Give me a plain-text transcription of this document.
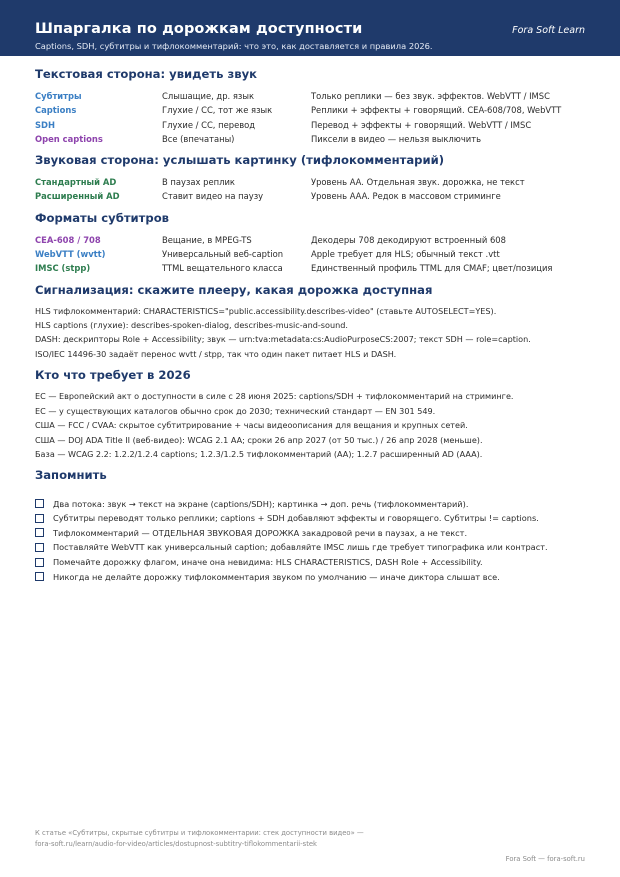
Шпаргалка по дорожкам доступности
Captions, SDH, субтитры и тифлокомментарий: что это, как доставляется и правила 2026.
Fora Soft Learn
Текстовая сторона: увидеть звук
Субтитры	Слышащие, др. язык	Только реплики — без звук. эффектов. WebVTT / IMSC
Captions	Глухие / CC, тот же язык	Реплики + эффекты + говорящий. CEA-608/708, WebVTT
SDH	Глухие / CC, перевод	Перевод + эффекты + говорящий. WebVTT / IMSC
Open captions	Все (впечатаны)	Пиксели в видео — нельзя выключить
Звуковая сторона: услышать картинку (тифлокомментарий)
Стандартный AD	В паузах реплик	Уровень AA. Отдельная звук. дорожка, не текст
Расширенный AD	Ставит видео на паузу	Уровень AAA. Редок в массовом стриминге
Форматы субтитров
CEA-608 / 708	Вещание, в MPEG-TS	Декодеры 708 декодируют встроенный 608
WebVTT (wvtt)	Универсальный веб-caption	Apple требует для HLS; обычный текст .vtt
IMSC (stpp)	TTML вещательного класса	Единственный профиль TTML для CMAF; цвет/позиция
Сигнализация: скажите плееру, какая дорожка доступная
HLS тифлокомментарий: CHARACTERISTICS="public.accessibility.describes-video" (ставьте AUTOSELECT=YES).
HLS captions (глухие): describes-spoken-dialog, describes-music-and-sound.
DASH: дескрипторы Role + Accessibility; звук — urn:tva:metadata:cs:AudioPurposeCS:2007; текст SDH — role=caption.
ISO/IEC 14496-30 задаёт перенос wvtt / stpp, так что один пакет питает HLS и DASH.
Кто что требует в 2026
ЕС — Европейский акт о доступности в силе с 28 июня 2025: captions/SDH + тифлокомментарий на стриминге.
ЕС — у существующих каталогов обычно срок до 2030; технический стандарт — EN 301 549.
США — FCC / CVAA: скрытое субтитрирование + часы видеоописания для вещания и крупных сетей.
США — DOJ ADA Title II (веб-видео): WCAG 2.1 AA; сроки 26 апр 2027 (от 50 тыс.) / 26 апр 2028 (меньше).
База — WCAG 2.2: 1.2.2/1.2.4 captions; 1.2.3/1.2.5 тифлокомментарий (AA); 1.2.7 расширенный AD (AAA).
Запомнить
Два потока: звук → текст на экране (captions/SDH); картинка → доп. речь (тифлокомментарий).
Субтитры переводят только реплики; captions + SDH добавляют эффекты и говорящего. Субтитры != captions.
Тифлокомментарий — ОТДЕЛЬНАЯ ЗВУКОВАЯ ДОРОЖКА закадровой речи в паузах, а не текст.
Поставляйте WebVTT как универсальный caption; добавляйте IMSC лишь где требует типографика или контраст.
Помечайте дорожку флагом, иначе она невидима: HLS CHARACTERISTICS, DASH Role + Accessibility.
Никогда не делайте дорожку тифлокомментария звуком по умолчанию — иначе диктора слышат все.
К статье «Субтитры, скрытые субтитры и тифлокомментарии: стек доступности видео» —
fora-soft.ru/learn/audio-for-video/articles/dostupnost-subtitry-tiflokommentarii-stek
Fora Soft — fora-soft.ru
